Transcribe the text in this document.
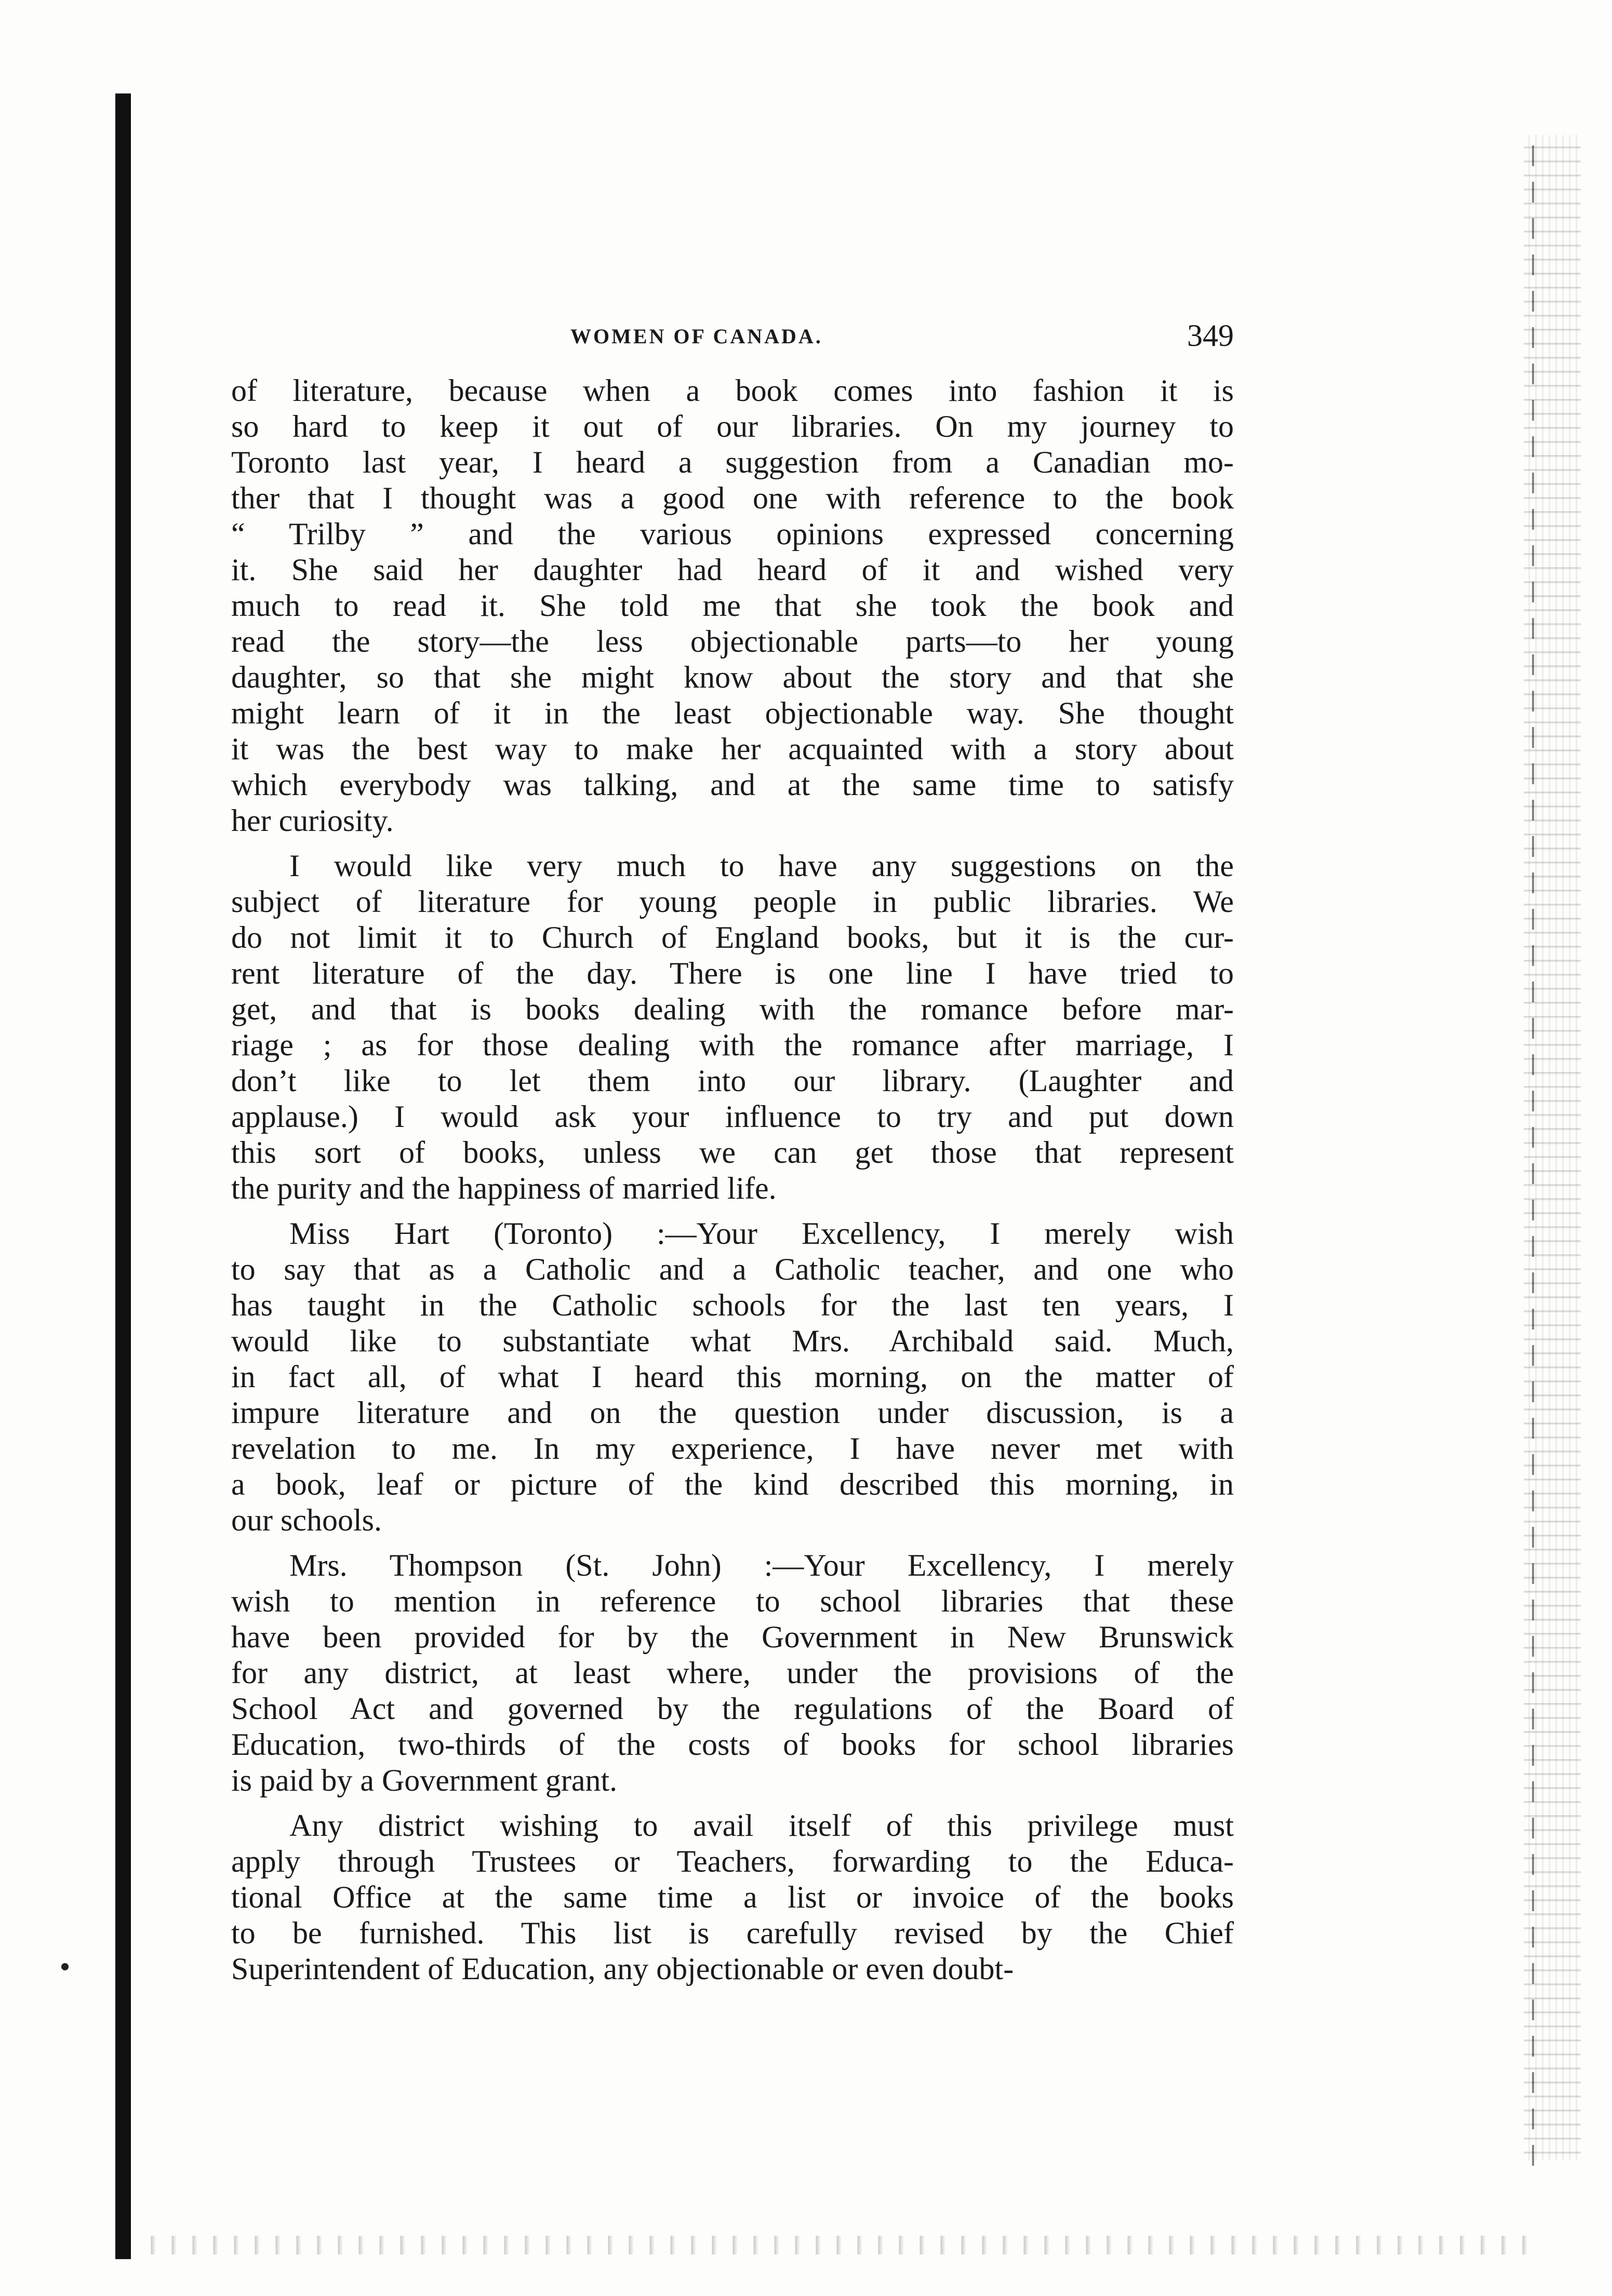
WOMEN OF CANADA.	349
of literature, because when a book comes into fashion it is
so hard to keep it out of our libraries. On my journey to
Toronto last year, I heard a suggestion from a Canadian mo-
ther that I thought was a good one with reference to the book
“ Trilby ” and the various opinions expressed concerning
it. She said her daughter had heard of it and wished very
much to read it. She told me that she took the book and
read the story—the less objectionable parts—to her young
daughter, so that she might know about the story and that she
might learn of it in the least objectionable way. She thought
it was the best way to make her acquainted with a story about
which everybody was talking, and at the same time to satisfy
her curiosity.
I would like very much to have any suggestions on the
subject of literature for young people in public libraries. We
do not limit it to Church of England books, but it is the cur-
rent literature of the day. There is one line I have tried to
get, and that is books dealing with the romance before mar-
riage ; as for those dealing with the romance after marriage, I
don’t like to let them into our library. (Laughter and
applause.) I would ask your influence to try and put down
this sort of books, unless we can get those that represent
the purity and the happiness of married life.
Miss Hart (Toronto) :—Your Excellency, I merely wish
to say that as a Catholic and a Catholic teacher, and one who
has taught in the Catholic schools for the last ten years, I
would like to substantiate what Mrs. Archibald said. Much,
in fact all, of what I heard this morning, on the matter of
impure literature and on the question under discussion, is a
revelation to me. In my experience, I have never met with
a book, leaf or picture of the kind described this morning, in
our schools.
Mrs. Thompson (St. John) :—Your Excellency, I merely
wish to mention in reference to school libraries that these
have been provided for by the Government in New Brunswick
for any district, at least where, under the provisions of the
School Act and governed by the regulations of the Board of
Education, two-thirds of the costs of books for school libraries
is paid by a Government grant.
Any district wishing to avail itself of this privilege must
apply through Trustees or Teachers, forwarding to the Educa-
tional Office at the same time a list or invoice of the books
to be furnished. This list is carefully revised by the Chief
Superintendent of Education, any objectionable or even doubt-
